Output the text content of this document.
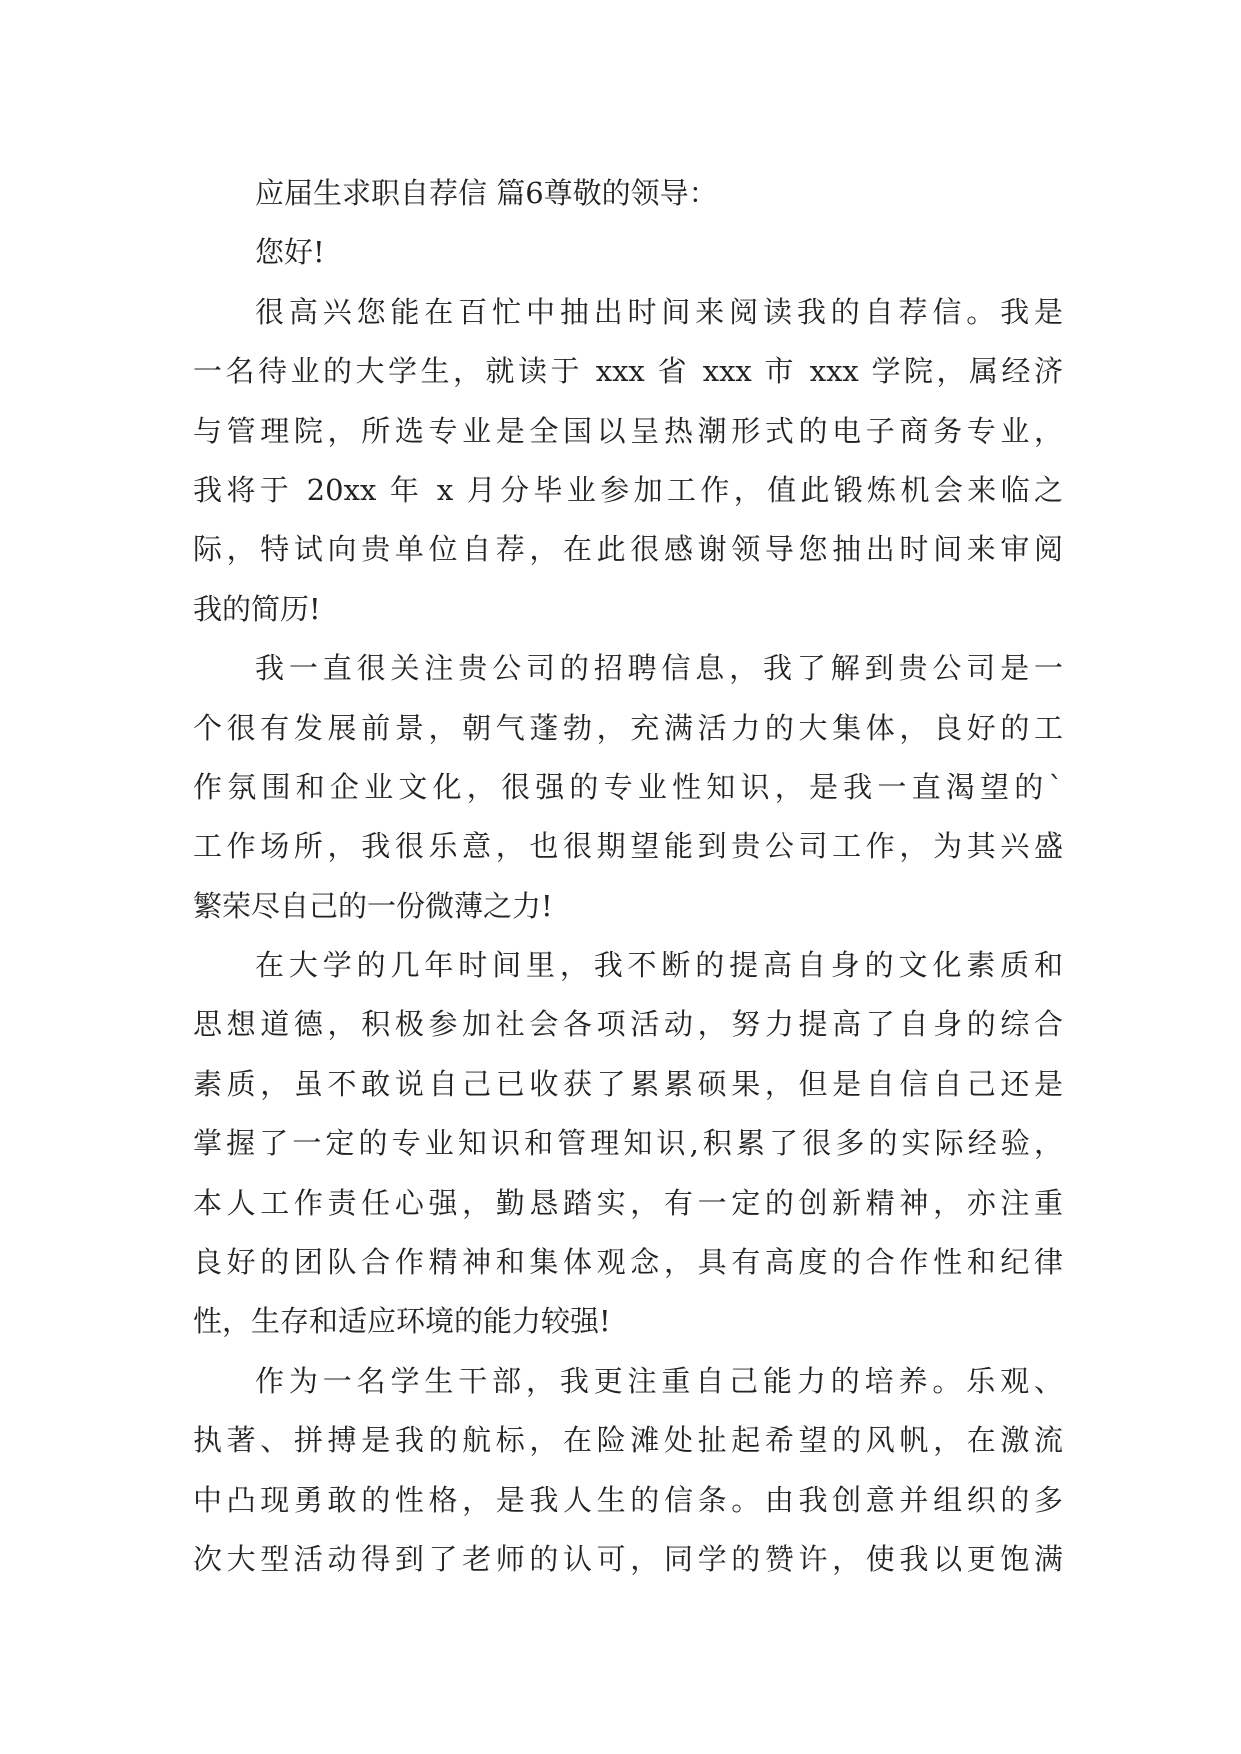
应届生求职自荐信 篇6尊敬的领导：
您好!
很高兴您能在百忙中抽出时间来阅读我的自荐信。我是
一名待业的大学生，就读于 xxx 省 xxx 市 xxx 学院，属经济
与管理院，所选专业是全国以呈热潮形式的电子商务专业，
我将于 20xx 年 x 月分毕业参加工作，值此锻炼机会来临之
际，特试向贵单位自荐，在此很感谢领导您抽出时间来审阅
我的简历!
我一直很关注贵公司的招聘信息，我了解到贵公司是一
个很有发展前景，朝气蓬勃，充满活力的大集体，良好的工
作氛围和企业文化，很强的专业性知识，是我一直渴望的`
工作场所，我很乐意，也很期望能到贵公司工作，为其兴盛
繁荣尽自己的一份微薄之力!
在大学的几年时间里，我不断的提高自身的文化素质和
思想道德，积极参加社会各项活动，努力提高了自身的综合
素质，虽不敢说自己已收获了累累硕果，但是自信自己还是
掌握了一定的专业知识和管理知识,积累了很多的实际经验，
本人工作责任心强，勤恳踏实，有一定的创新精神，亦注重
良好的团队合作精神和集体观念，具有高度的合作性和纪律
性，生存和适应环境的能力较强!
作为一名学生干部，我更注重自己能力的培养。乐观、
执著、拼搏是我的航标，在险滩处扯起希望的风帆，在激流
中凸现勇敢的性格，是我人生的信条。由我创意并组织的多
次大型活动得到了老师的认可，同学的赞许，使我以更饱满
